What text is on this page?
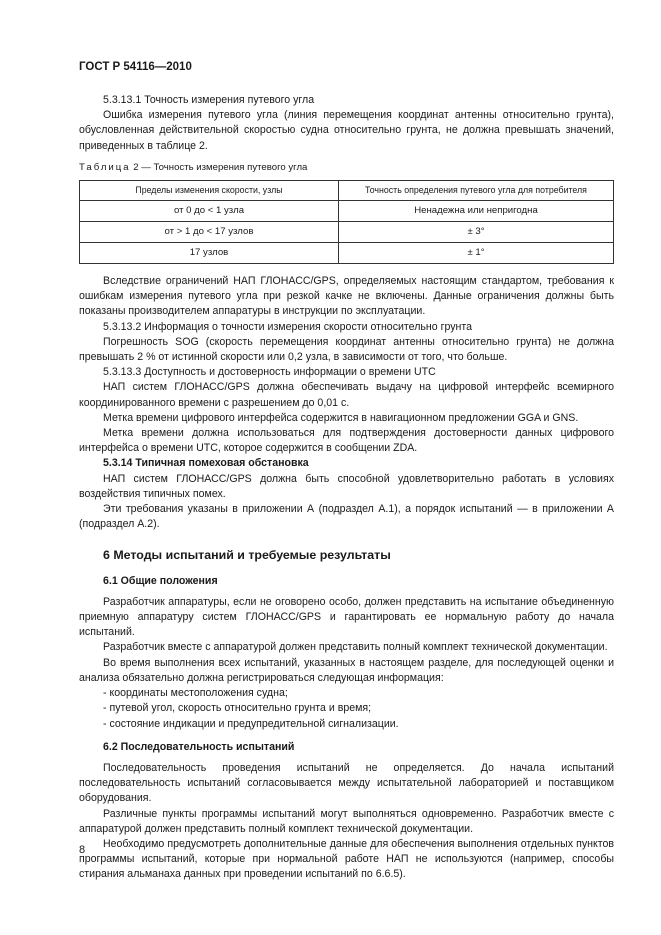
ГОСТ Р 54116—2010

5.3.13.1 Точность измерения путевого угла

Ошибка измерения путевого угла (линия перемещения координат антенны относительно грунта), обусловленная действительной скоростью судна относительно грунта, не должна превышать значений, приведенных в таблице 2.

Таблица 2 — Точность измерения путевого угла
Пределы изменения скорости, узлы	Точность определения путевого угла для потребителя
от 0 до < 1 узла	Ненадежна или непригодна
от > 1 до < 17 узлов	± 3°
17 узлов	± 1°

Вследствие ограничений НАП ГЛОНАСС/GPS, определяемых настоящим стандартом, требования к ошибкам измерения путевого угла при резкой качке не включены. Данные ограничения должны быть показаны производителем аппаратуры в инструкции по эксплуатации.

5.3.13.2 Информация о точности измерения скорости относительно грунта

Погрешность SOG (скорость перемещения координат антенны относительно грунта) не должна превышать 2 % от истинной скорости или 0,2 узла, в зависимости от того, что больше.

5.3.13.3 Доступность и достоверность информации о времени UTC

НАП систем ГЛОНАСС/GPS должна обеспечивать выдачу на цифровой интерфейс всемирного координированного времени с разрешением до 0,01 с.

Метка времени цифрового интерфейса содержится в навигационном предложении GGA и GNS.

Метка времени должна использоваться для подтверждения достоверности данных цифрового интерфейса о времени UTC, которое содержится в сообщении ZDA.

5.3.14 Типичная помеховая обстановка

НАП систем ГЛОНАСС/GPS должна быть способной удовлетворительно работать в условиях воздействия типичных помех.

Эти требования указаны в приложении А (подраздел А.1), а порядок испытаний — в приложении А (подраздел А.2).

6 Методы испытаний и требуемые результаты

6.1 Общие положения

Разработчик аппаратуры, если не оговорено особо, должен представить на испытание объединенную приемную аппаратуру систем ГЛОНАСС/GPS и гарантировать ее нормальную работу до начала испытаний.

Разработчик вместе с аппаратурой должен представить полный комплект технической документации.

Во время выполнения всех испытаний, указанных в настоящем разделе, для последующей оценки и анализа обязательно должна регистрироваться следующая информация:

- координаты местоположения судна;

- путевой угол, скорость относительно грунта и время;

- состояние индикации и предупредительной сигнализации.

6.2 Последовательность испытаний

Последовательность проведения испытаний не определяется. До начала испытаний последовательность испытаний согласовывается между испытательной лабораторией и поставщиком оборудования.

Различные пункты программы испытаний могут выполняться одновременно. Разработчик вместе с аппаратурой должен представить полный комплект технической документации.

Необходимо предусмотреть дополнительные данные для обеспечения выполнения отдельных пунктов программы испытаний, которые при нормальной работе НАП не используются (например, способы стирания альманаха данных при проведении испытаний по 6.6.5).

8
